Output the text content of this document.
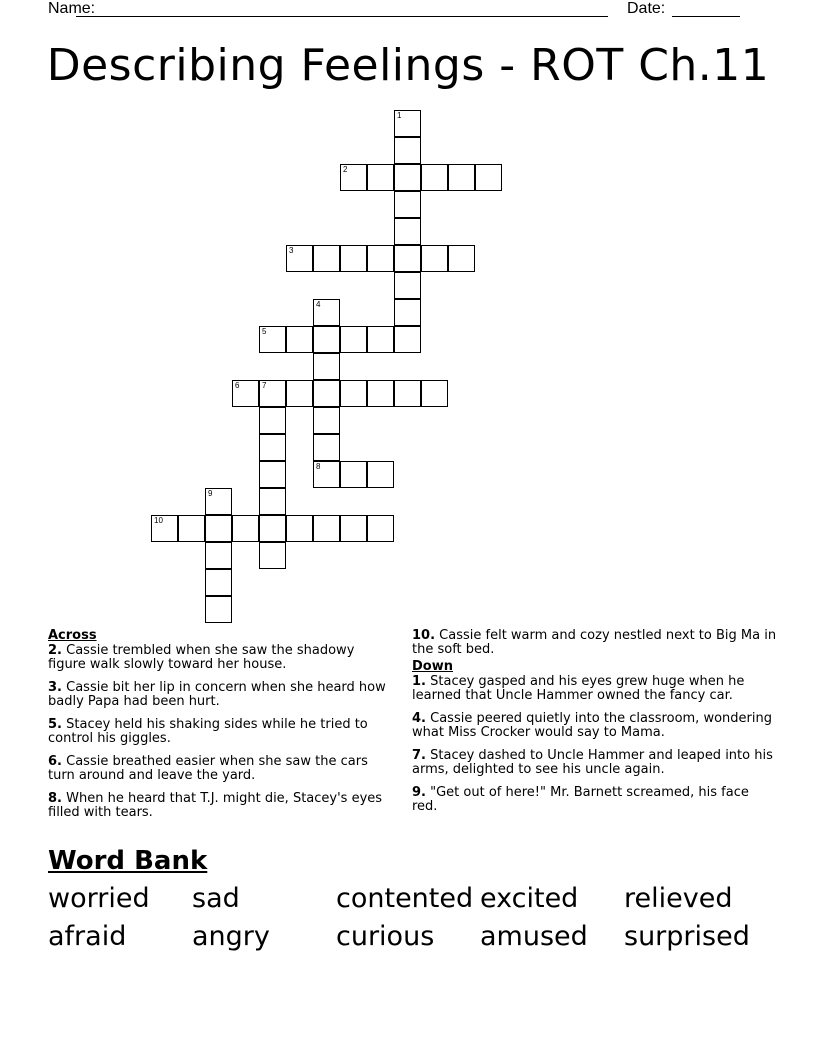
Name:	Date:
Describing Feelings - ROT Ch.11
1
2
3
4
8
5
6	7
9
10
Across
2. Cassie trembled when she saw the shadowy figure walk slowly toward her house.
3. Cassie bit her lip in concern when she heard how badly Papa had been hurt.
5. Stacey held his shaking sides while he tried to control his giggles.
6. Cassie breathed easier when she saw the cars turn around and leave the yard.
8. When he heard that T.J. might die, Stacey's eyes filled with tears.
10. Cassie felt warm and cozy nestled next to Big Ma in the soft bed.
Down
1. Stacey gasped and his eyes grew huge when he learned that Uncle Hammer owned the fancy car.
4. Cassie peered quietly into the classroom, wondering what Miss Crocker would say to Mama.
7. Stacey dashed to Uncle Hammer and leaped into his arms, delighted to see his uncle again.
9. "Get out of here!" Mr. Barnett screamed, his face red.
Word Bank
worried sad	contented excited relieved
afraid angry curious amused surprised
